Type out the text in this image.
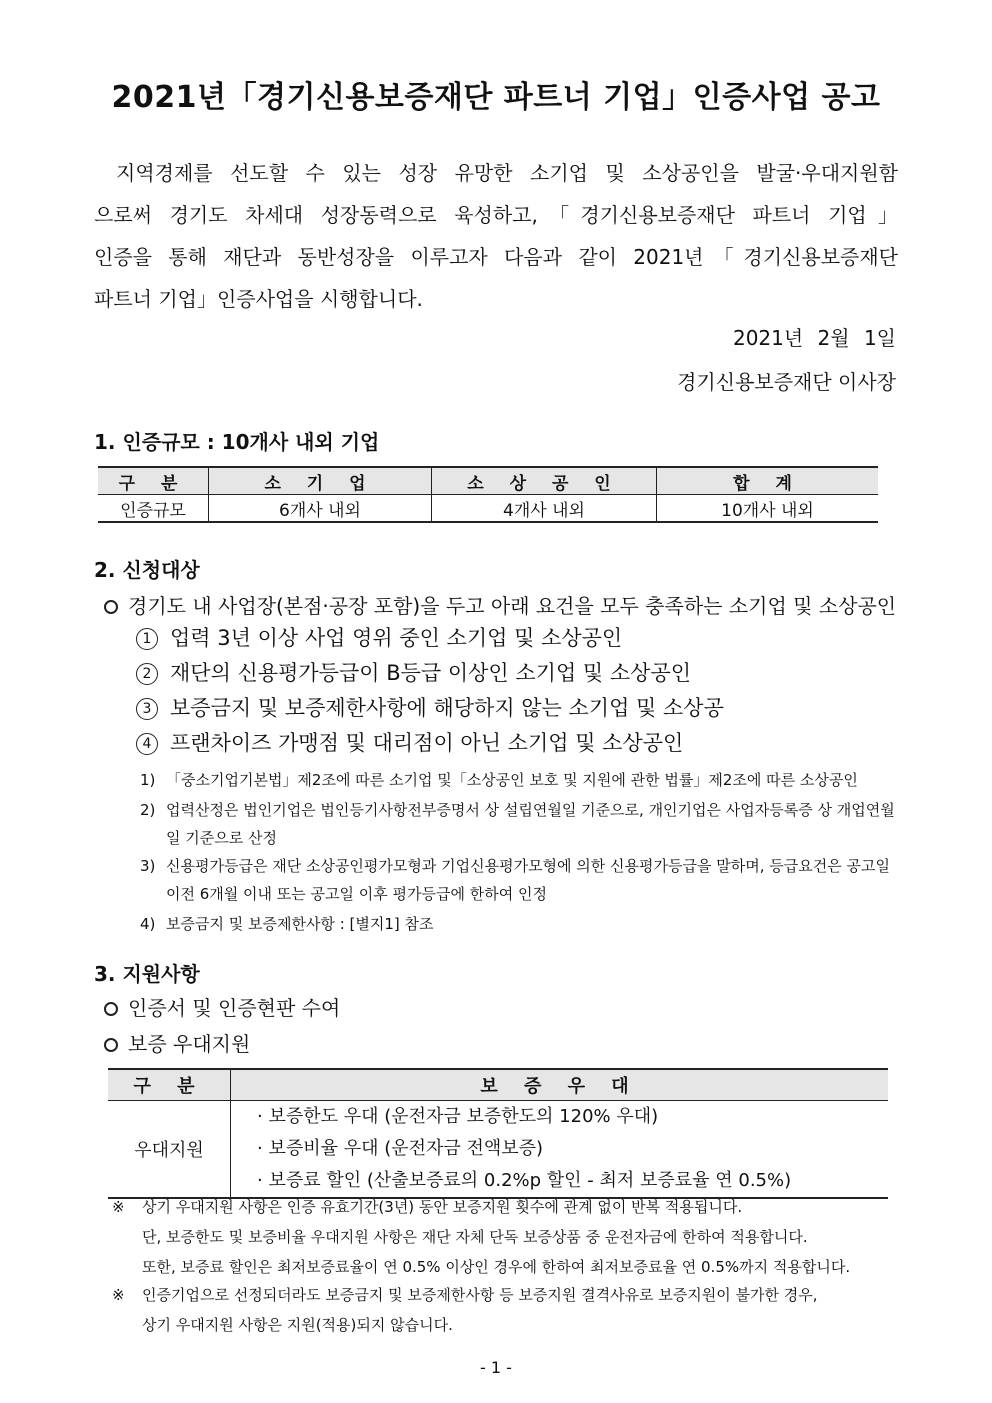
2021년「경기신용보증재단 파트너 기업」인증사업 공고
지역경제를 선도할 수 있는 성장 유망한 소기업 및 소상공인을 발굴·우대지원함
으로써 경기도 차세대 성장동력으로 육성하고,「경기신용보증재단 파트너 기업」
인증을 통해 재단과 동반성장을 이루고자 다음과 같이 2021년「경기신용보증재단
파트너 기업」인증사업을 시행합니다.
2021년 2월 1일
경기신용보증재단 이사장
1. 인증규모 : 10개사 내외 기업
구 분	소 기 업	소 상 공 인	합 계
인증규모	6개사 내외	4개사 내외	10개사 내외
2. 신청대상
경기도 내 사업장(본점·공장 포함)을 두고 아래 요건을 모두 충족하는 소기업 및 소상공인
1 업력 3년 이상 사업 영위 중인 소기업 및 소상공인
2 재단의 신용평가등급이 B등급 이상인 소기업 및 소상공인
3 보증금지 및 보증제한사항에 해당하지 않는 소기업 및 소상공
4 프랜차이즈 가맹점 및 대리점이 아닌 소기업 및 소상공인
1) 「중소기업기본법」제2조에 따른 소기업 및「소상공인 보호 및 지원에 관한 법률」제2조에 따른 소상공인
2) 업력산정은 법인기업은 법인등기사항전부증명서 상 설립연월일 기준으로, 개인기업은 사업자등록증 상 개업연월일 기준으로 산정
3) 신용평가등급은 재단 소상공인평가모형과 기업신용평가모형에 의한 신용평가등급을 말하며, 등급요건은 공고일 이전 6개월 이내 또는 공고일 이후 평가등급에 한하여 인정
4) 보증금지 및 보증제한사항 : [별지1] 참조
3. 지원사항
인증서 및 인증현판 수여
보증 우대지원
구 분	보 증 우 대
우대지원	· 보증한도 우대 (운전자금 보증한도의 120% 우대)
· 보증비율 우대 (운전자금 전액보증)
· 보증료 할인 (산출보증료의 0.2%p 할인 - 최저 보증료율 연 0.5%)
※	상기 우대지원 사항은 인증 유효기간(3년) 동안 보증지원 횟수에 관계 없이 반복 적용됩니다.
단, 보증한도 및 보증비율 우대지원 사항은 재단 자체 단독 보증상품 중 운전자금에 한하여 적용합니다.
또한, 보증료 할인은 최저보증료율이 연 0.5% 이상인 경우에 한하여 최저보증료율 연 0.5%까지 적용합니다.
※	인증기업으로 선정되더라도 보증금지 및 보증제한사항 등 보증지원 결격사유로 보증지원이 불가한 경우,
상기 우대지원 사항은 지원(적용)되지 않습니다.
- 1 -
